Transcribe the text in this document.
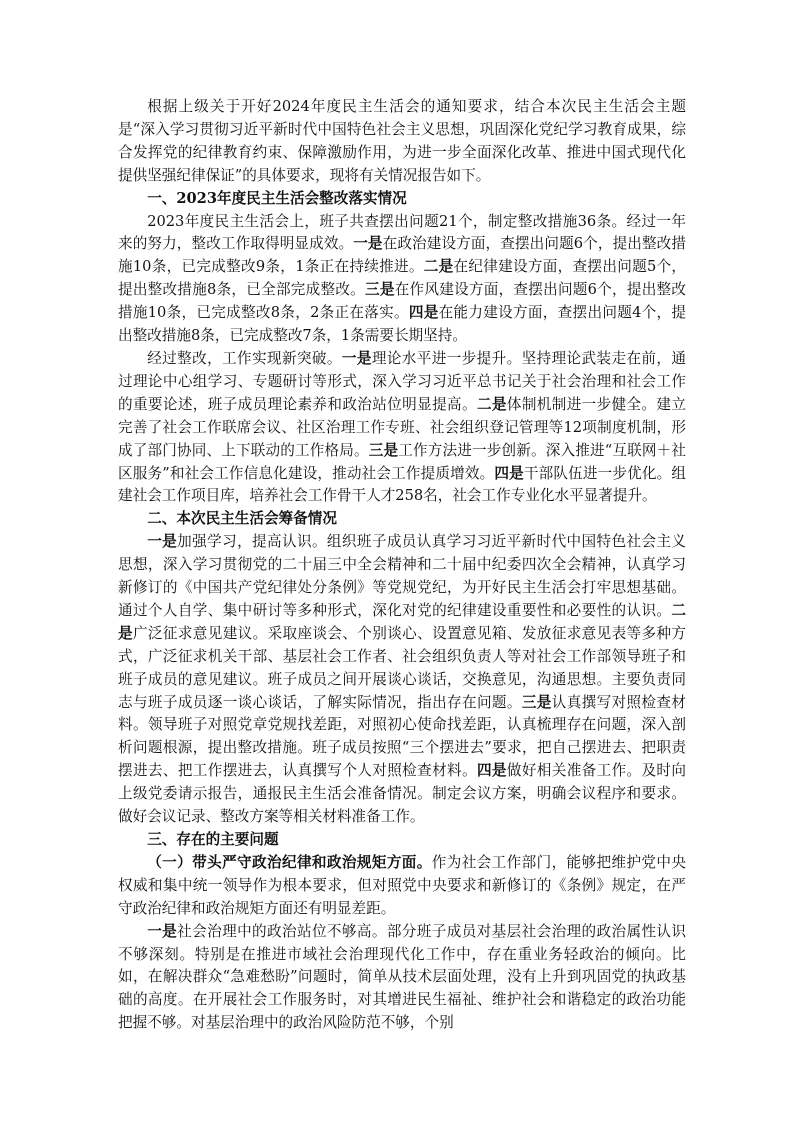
根据上级关于开好2024年度民主生活会的通知要求，结合本次民主生活会主题是“深入学习贯彻习近平新时代中国特色社会主义思想，巩固深化党纪学习教育成果，综合发挥党的纪律教育约束、保障激励作用，为进一步全面深化改革、推进中国式现代化提供坚强纪律保证”的具体要求，现将有关情况报告如下。

一、2023年度民主生活会整改落实情况

2023年度民主生活会上，班子共查摆出问题21个，制定整改措施36条。经过一年来的努力，整改工作取得明显成效。一是在政治建设方面，查摆出问题6个，提出整改措施10条，已完成整改9条，1条正在持续推进。二是在纪律建设方面，查摆出问题5个，提出整改措施8条，已全部完成整改。三是在作风建设方面，查摆出问题6个，提出整改措施10条，已完成整改8条，2条正在落实。四是在能力建设方面，查摆出问题4个，提出整改措施8条，已完成整改7条，1条需要长期坚持。

经过整改，工作实现新突破。一是理论水平进一步提升。坚持理论武装走在前，通过理论中心组学习、专题研讨等形式，深入学习习近平总书记关于社会治理和社会工作的重要论述，班子成员理论素养和政治站位明显提高。二是体制机制进一步健全。建立完善了社会工作联席会议、社区治理工作专班、社会组织登记管理等12项制度机制，形成了部门协同、上下联动的工作格局。三是工作方法进一步创新。深入推进“互联网＋社区服务”和社会工作信息化建设，推动社会工作提质增效。四是干部队伍进一步优化。组建社会工作项目库，培养社会工作骨干人才258名，社会工作专业化水平显著提升。

二、本次民主生活会筹备情况

一是加强学习，提高认识。组织班子成员认真学习习近平新时代中国特色社会主义思想，深入学习贯彻党的二十届三中全会精神和二十届中纪委四次全会精神，认真学习新修订的《中国共产党纪律处分条例》等党规党纪，为开好民主生活会打牢思想基础。通过个人自学、集中研讨等多种形式，深化对党的纪律建设重要性和必要性的认识。二是广泛征求意见建议。采取座谈会、个别谈心、设置意见箱、发放征求意见表等多种方式，广泛征求机关干部、基层社会工作者、社会组织负责人等对社会工作部领导班子和班子成员的意见建议。班子成员之间开展谈心谈话，交换意见，沟通思想。主要负责同志与班子成员逐一谈心谈话，了解实际情况，指出存在问题。三是认真撰写对照检查材料。领导班子对照党章党规找差距，对照初心使命找差距，认真梳理存在问题，深入剖析问题根源，提出整改措施。班子成员按照“三个摆进去”要求，把自己摆进去、把职责摆进去、把工作摆进去，认真撰写个人对照检查材料。四是做好相关准备工作。及时向上级党委请示报告，通报民主生活会准备情况。制定会议方案，明确会议程序和要求。做好会议记录、整改方案等相关材料准备工作。

三、存在的主要问题

（一）带头严守政治纪律和政治规矩方面。作为社会工作部门，能够把维护党中央权威和集中统一领导作为根本要求，但对照党中央要求和新修订的《条例》规定，在严守政治纪律和政治规矩方面还有明显差距。

一是社会治理中的政治站位不够高。部分班子成员对基层社会治理的政治属性认识不够深刻。特别是在推进市域社会治理现代化工作中，存在重业务轻政治的倾向。比如，在解决群众“急难愁盼”问题时，简单从技术层面处理，没有上升到巩固党的执政基础的高度。在开展社会工作服务时，对其增进民生福祉、维护社会和谐稳定的政治功能把握不够。对基层治理中的政治风险防范不够，个别
